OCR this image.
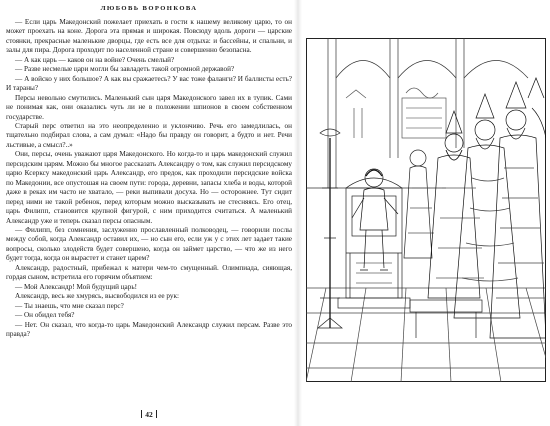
ЛЮБОВЬ ВОРОНКОВА

— Если царь Македонский пожелает приехать в гости к нашему великому царю, то он может проехать на коне. Дорога эта прямая и широкая. Повсюду вдоль дороги — царские стоянки, прекрасные маленькие дворцы, где есть все для отдыха: и бассейны, и спальни, и залы для пира. Дорога проходит по населенной стране и совершенно безопасна.

— А как царь — каков он на войне? Очень смелый?

— Разве несмелые цари могли бы завладеть такой огромной державой?

— А войско у них большое? А как вы сражаетесь? У вас тоже фаланги? И баллисты есть? И тараны?

Персы невольно смутились. Маленький сын царя Македонского завел их в тупик. Сами не понимая как, они оказались чуть ли не в положении шпионов в своем собственном государстве.

Старый перс ответил на это неопределенно и уклончиво. Речь его замедлилась, он тщательно подбирал слова, а сам думал: «Надо бы правду он говорит, а будто и нет. Речи льстивые, а смысл?..»

Они, персы, очень уважают царя Македонского. Но когда-то и царь македонский служил персидским царям. Можно бы многое рассказать Александру о том, как служил персидскому царю Ксерксу македонский царь Александр, его предок, как проходили персидские войска по Македонии, все опустошая на своем пути: города, деревни, запасы хлеба и воды, которой даже в реках им часто не хватало, — реки выпивали досуха. Но — осторожнее. Тут сидит перед ними не такой ребенок, перед которым можно высказывать не стесняясь. Его отец, царь Филипп, становится крупной фигурой, с ним приходится считаться. А маленький Александр уже и теперь сказал персы опасным.

— Филипп, без сомнения, заслуженно прославленный полководец, — говорили послы между собой, когда Александр оставил их, — но сын его, если уж у с этих лет задает такие вопросы, сколько злодейств будет совершено, когда он займет царство, — что же из него будет тогда, когда он вырастет и станет царем?

Александр, радостный, прибежал к матери чем-то смущенный. Олимпиада, сияющая, гордая сыном, встретила его горячим объятием:

— Мой Александр! Мой будущий царь!

Александр, весь же хмурясь, высвободился из ее рук:

— Ты знаешь, что мне сказал перс?

— Он обидел тебя?

— Нет. Он сказал, что когда-то царь Македонский Александр служил персам. Разве это правда?

42
